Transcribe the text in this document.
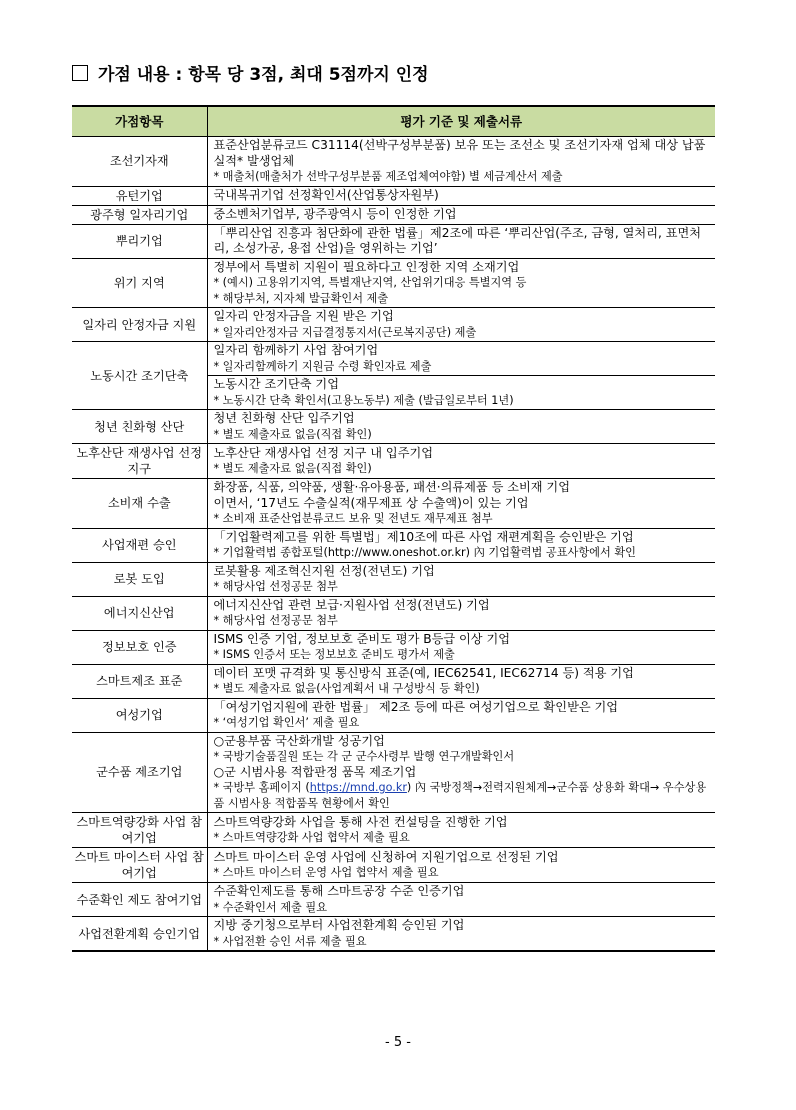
가점 내용 : 항목 당 3점, 최대 5점까지 인정
가점항목	평가 기준 및 제출서류
조선기자재	표준산업분류코드 C31114(선박구성부분품) 보유 또는 조선소 및 조선기자재 업체 대상 납품실적* 발생업체
* 매출처(매출처가 선박구성부분품 제조업체여야함) 별 세금계산서 제출

유턴기업	국내복귀기업 선정확인서(산업통상자원부)

광주형 일자리기업	중소벤처기업부, 광주광역시 등이 인정한 기업

뿌리기업	「뿌리산업 진흥과 첨단화에 관한 법률」제2조에 따른 ‘뿌리산업(주조, 금형, 열처리, 표면처리, 소성가공, 용접 산업)을 영위하는 기업’

위기 지역	정부에서 특별히 지원이 필요하다고 인정한 지역 소재기업
* (예시) 고용위기지역, 특별재난지역, 산업위기대응 특별지역 등
* 해당부처, 지자체 발급확인서 제출

일자리 안정자금 지원	일자리 안정자금을 지원 받은 기업
* 일자리안정자금 지급결정통지서(근로복지공단) 제출

노동시간 조기단축	일자리 함께하기 사업 참여기업
* 일자리함께하기 지원금 수령 확인자료 제출

	노동시간 조기단축 기업
* 노동시간 단축 확인서(고용노동부) 제출 (발급일로부터 1년)

청년 친화형 산단	청년 친화형 산단 입주기업
* 별도 제출자료 없음(직접 확인)

노후산단 재생사업 선정 지구	노후산단 재생사업 선정 지구 내 입주기업
* 별도 제출자료 없음(직접 확인)

소비재 수출	화장품, 식품, 의약품, 생활·유아용품, 패션·의류제품 등 소비재 기업
이면서, ‘17년도 수출실적(재무제표 상 수출액)이 있는 기업
* 소비재 표준산업분류코드 보유 및 전년도 재무제표 첨부

사업재편 승인	「기업활력제고를 위한 특별법」제10조에 따른 사업 재편계획을 승인받은 기업
* 기업활력법 종합포털(http://www.oneshot.or.kr) 內 기업활력법 공표사항에서 확인

로봇 도입	로봇활용 제조혁신지원 선정(전년도) 기업
* 해당사업 선정공문 첨부

에너지신산업	에너지신산업 관련 보급·지원사업 선정(전년도) 기업
* 해당사업 선정공문 첨부

정보보호 인증	ISMS 인증 기업, 정보보호 준비도 평가 B등급 이상 기업
* ISMS 인증서 또는 정보보호 준비도 평가서 제출

스마트제조 표준	데이터 포맷 규격화 및 통신방식 표준(예, IEC62541, IEC62714 등) 적용 기업
* 별도 제출자료 없음(사업계획서 내 구성방식 등 확인)

여성기업	「여성기업지원에 관한 법률」 제2조 등에 따른 여성기업으로 확인받은 기업
* ‘여성기업 확인서’ 제출 필요

군수품 제조기업	○군용부품 국산화개발 성공기업
* 국방기술품질원 또는 각 군 군수사령부 발행 연구개발확인서
○군 시범사용 적합판정 품목 제조기업
* 국방부 홈페이지 (https://mnd.go.kr) 內 국방정책→전력지원체계→군수품 상용화 확대→ 우수상용품 시범사용 적합품목 현황에서 확인

스마트역량강화 사업 참여기업	스마트역량강화 사업을 통해 사전 컨설팅을 진행한 기업
* 스마트역량강화 사업 협약서 제출 필요

스마트 마이스터 사업 참여기업	스마트 마이스터 운영 사업에 신청하여 지원기업으로 선정된 기업
* 스마트 마이스터 운영 사업 협약서 제출 필요

수준확인 제도 참여기업	수준확인제도를 통해 스마트공장 수준 인증기업
* 수준확인서 제출 필요

사업전환계획 승인기업	지방 중기청으로부터 사업전환계획 승인된 기업
* 사업전환 승인 서류 제출 필요
- 5 -
